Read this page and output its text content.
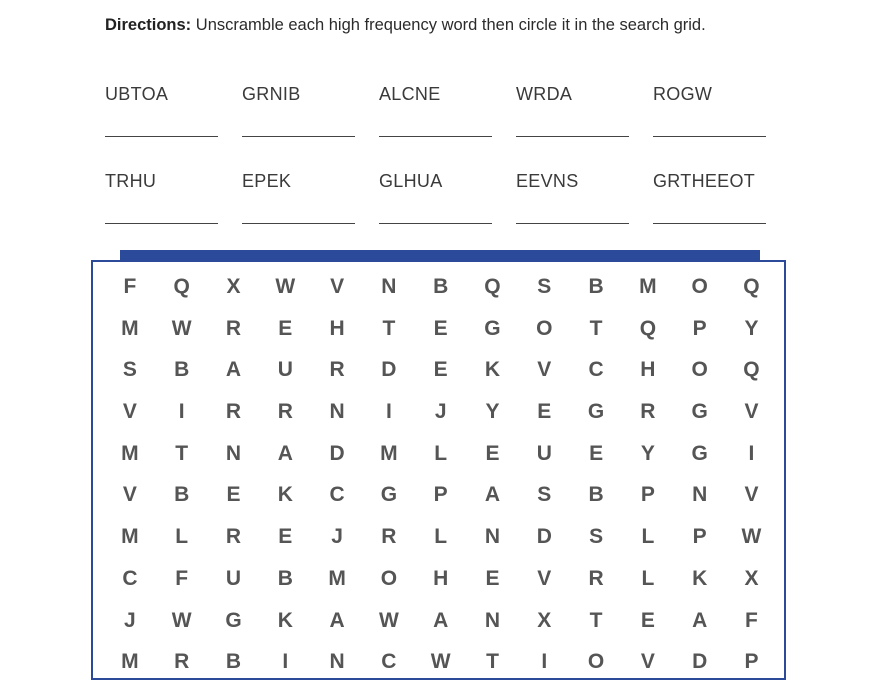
Directions: Unscramble each high frequency word then circle it in the search grid.
UBTOA	GRNIB	ALCNE	WRDA	ROGW
TRHU	EPEK	GLHUA	EEVNS	GRTHEEOT
F	Q	X	W	V	N	B	Q	S	B	M	O	Q
M	W	R	E	H	T	E	G	O	T	Q	P	Y
S	B	A	U	R	D	E	K	V	C	H	O	Q
V	I	R	R	N	I	J	Y	E	G	R	G	V
M	T	N	A	D	M	L	E	U	E	Y	G	I
V	B	E	K	C	G	P	A	S	B	P	N	V
M	L	R	E	J	R	L	N	D	S	L	P	W
C	F	U	B	M	O	H	E	V	R	L	K	X
J	W	G	K	A	W	A	N	X	T	E	A	F
M	R	B	I	N	C	W	T	I	O	V	D	P
